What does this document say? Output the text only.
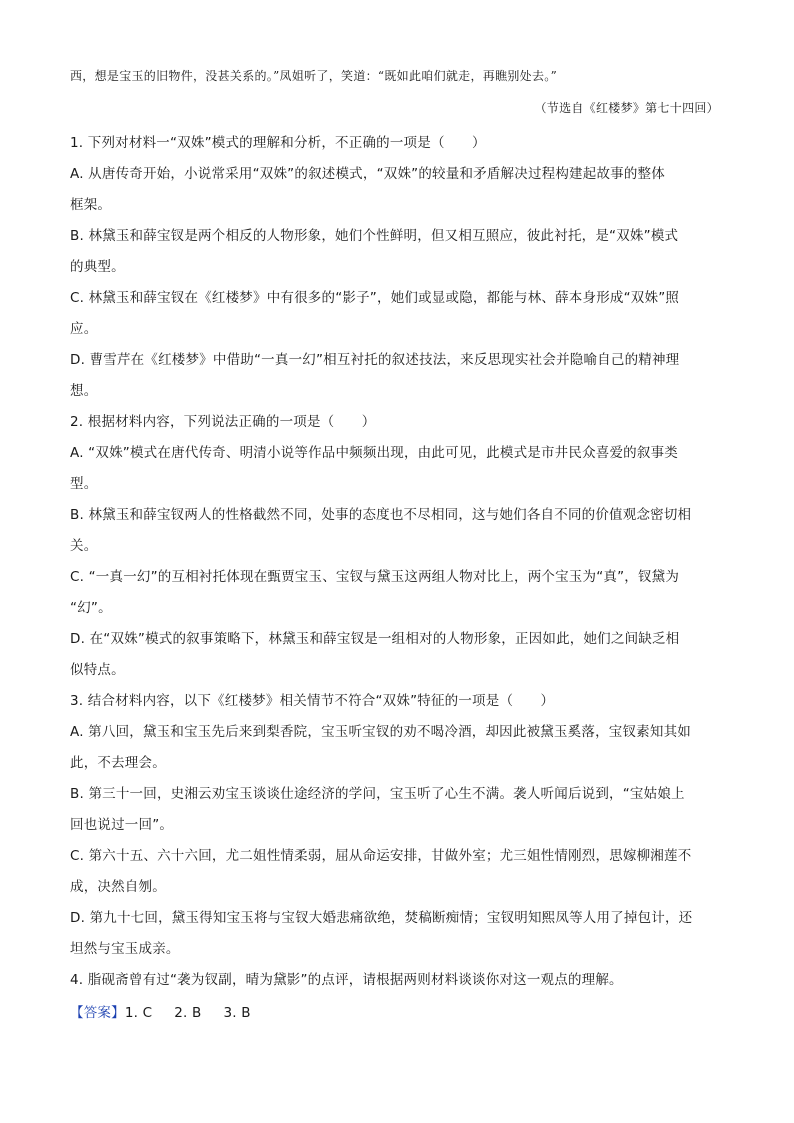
西，想是宝玉的旧物件，没甚关系的。”凤姐听了，笑道：“既如此咱们就走，再瞧别处去。”
（节选自《红楼梦》第七十四回）
1. 下列对材料一“双姝”模式的理解和分析，不正确的一项是（　　）
A. 从唐传奇开始，小说常采用“双姝”的叙述模式，“双姝”的较量和矛盾解决过程构建起故事的整体
框架。
B. 林黛玉和薛宝钗是两个相反的人物形象，她们个性鲜明，但又相互照应，彼此衬托，是“双姝”模式
的典型。
C. 林黛玉和薛宝钗在《红楼梦》中有很多的“影子”，她们或显或隐，都能与林、薛本身形成“双姝”照
应。
D. 曹雪芹在《红楼梦》中借助“一真一幻”相互衬托的叙述技法，来反思现实社会并隐喻自己的精神理
想。
2. 根据材料内容，下列说法正确的一项是（　　）
A. “双姝”模式在唐代传奇、明清小说等作品中频频出现，由此可见，此模式是市井民众喜爱的叙事类
型。
B. 林黛玉和薛宝钗两人的性格截然不同，处事的态度也不尽相同，这与她们各自不同的价值观念密切相
关。
C. “一真一幻”的互相衬托体现在甄贾宝玉、宝钗与黛玉这两组人物对比上，两个宝玉为“真”，钗黛为
“幻”。
D. 在“双姝”模式的叙事策略下，林黛玉和薛宝钗是一组相对的人物形象，正因如此，她们之间缺乏相
似特点。
3. 结合材料内容，以下《红楼梦》相关情节不符合“双姝”特征的一项是（　　）
A. 第八回，黛玉和宝玉先后来到梨香院，宝玉听宝钗的劝不喝冷酒，却因此被黛玉奚落，宝钗素知其如
此，不去理会。
B. 第三十一回，史湘云劝宝玉谈谈仕途经济的学问，宝玉听了心生不满。袭人听闻后说到，“宝姑娘上
回也说过一回”。
C. 第六十五、六十六回，尤二姐性情柔弱，屈从命运安排，甘做外室；尤三姐性情刚烈，思嫁柳湘莲不
成，决然自刎。
D. 第九十七回，黛玉得知宝玉将与宝钗大婚悲痛欲绝，焚稿断痴情；宝钗明知熙凤等人用了掉包计，还
坦然与宝玉成亲。
4. 脂砚斋曾有过“袭为钗副，晴为黛影”的点评，请根据两则材料谈谈你对这一观点的理解。
【答案】1. C 2. B 3. B
